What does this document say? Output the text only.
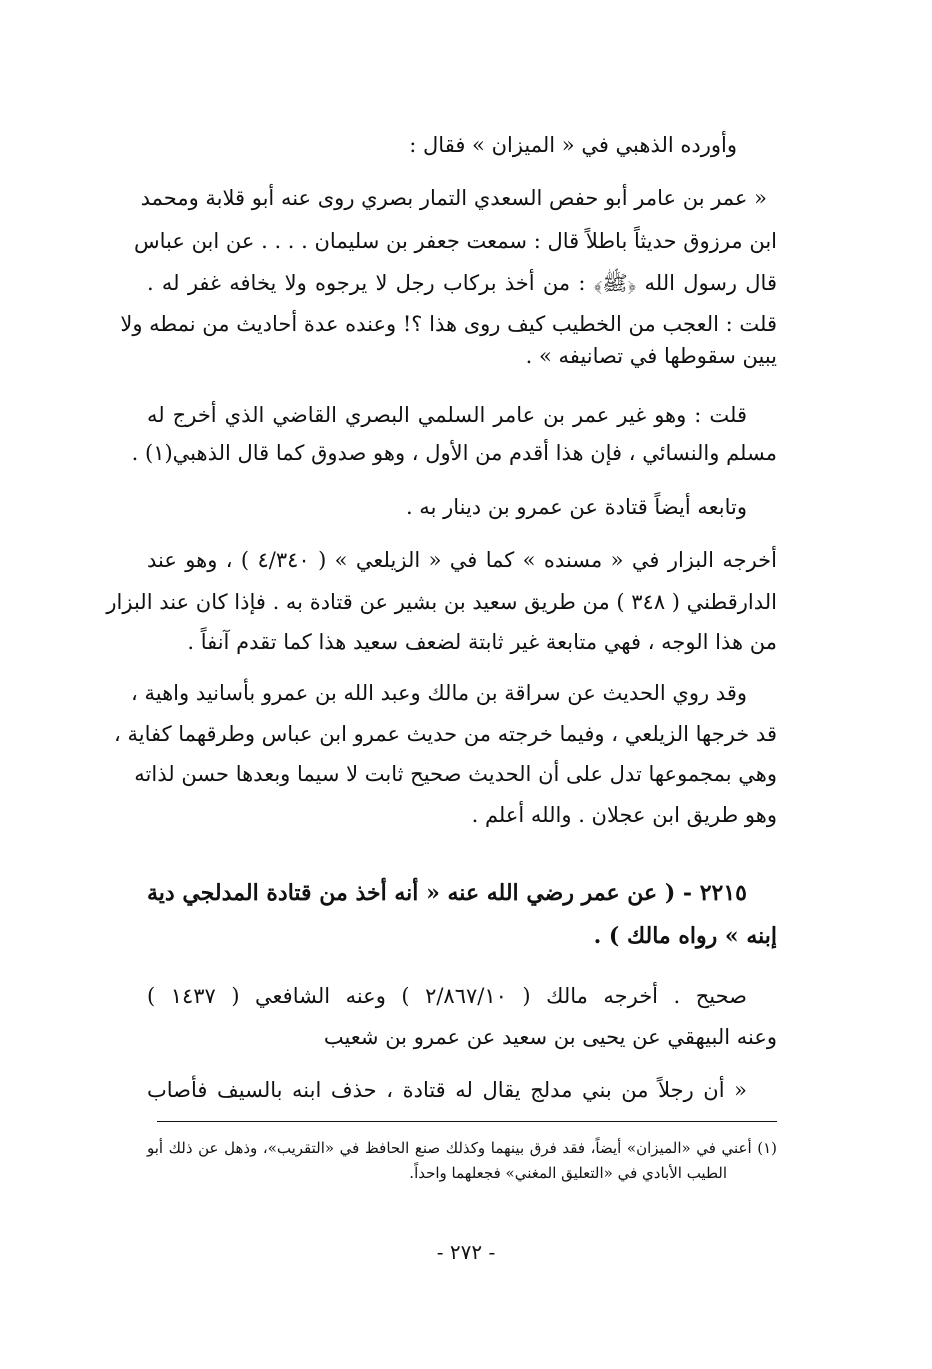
وأورده الذهبي في « الميزان » فقال :
« عمر بن عامر أبو حفص السعدي التمار بصري روى عنه أبو قلابة ومحمد
ابن مرزوق حديثاً باطلاً قال : سمعت جعفر بن سليمان . . . . عن ابن عباس
قال رسول الله ﴿ﷺ﴾ : من أخذ بركاب رجل لا يرجوه ولا يخافه غفر له .
قلت : العجب من الخطيب كيف روى هذا ؟! وعنده عدة أحاديث من نمطه ولا
يبين سقوطها في تصانيفه » .
قلت : وهو غير عمر بن عامر السلمي البصري القاضي الذي أخرج له
مسلم والنسائي ، فإن هذا أقدم من الأول ، وهو صدوق كما قال الذهبي(١) .
وتابعه أيضاً قتادة عن عمرو بن دينار به .
أخرجه البزار في « مسنده » كما في « الزيلعي » ( ٤/٣٤٠ ) ، وهو عند
الدارقطني ( ٣٤٨ ) من طريق سعيد بن بشير عن قتادة به . فإذا كان عند البزار
من هذا الوجه ، فهي متابعة غير ثابتة لضعف سعيد هذا كما تقدم آنفاً .
وقد روي الحديث عن سراقة بن مالك وعبد الله بن عمرو بأسانيد واهية ،
قد خرجها الزيلعي ، وفيما خرجته من حديث عمرو ابن عباس وطرقهما كفاية ،
وهي بمجموعها تدل على أن الحديث صحيح ثابت لا سيما وبعدها حسن لذاته
وهو طريق ابن عجلان . والله أعلم .
٢٢١٥ - ( عن عمر رضي الله عنه « أنه أخذ من قتادة المدلجي دية
إبنه » رواه مالك ) .
صحيح . أخرجه مالك ( ٢/٨٦٧/١٠ ) وعنه الشافعي ( ١٤٣٧ )
وعنه البيهقي عن يحيى بن سعيد عن عمرو بن شعيب
« أن رجلاً من بني مدلج يقال له قتادة ، حذف ابنه بالسيف فأصاب
(١) أعني في «الميزان» أيضاً، فقد فرق بينهما وكذلك صنع الحافظ في «التقريب»، وذهل عن ذلك أبو
الطيب الأبادي في «التعليق المغني» فجعلهما واحداً.
- ٢٧٢ -
